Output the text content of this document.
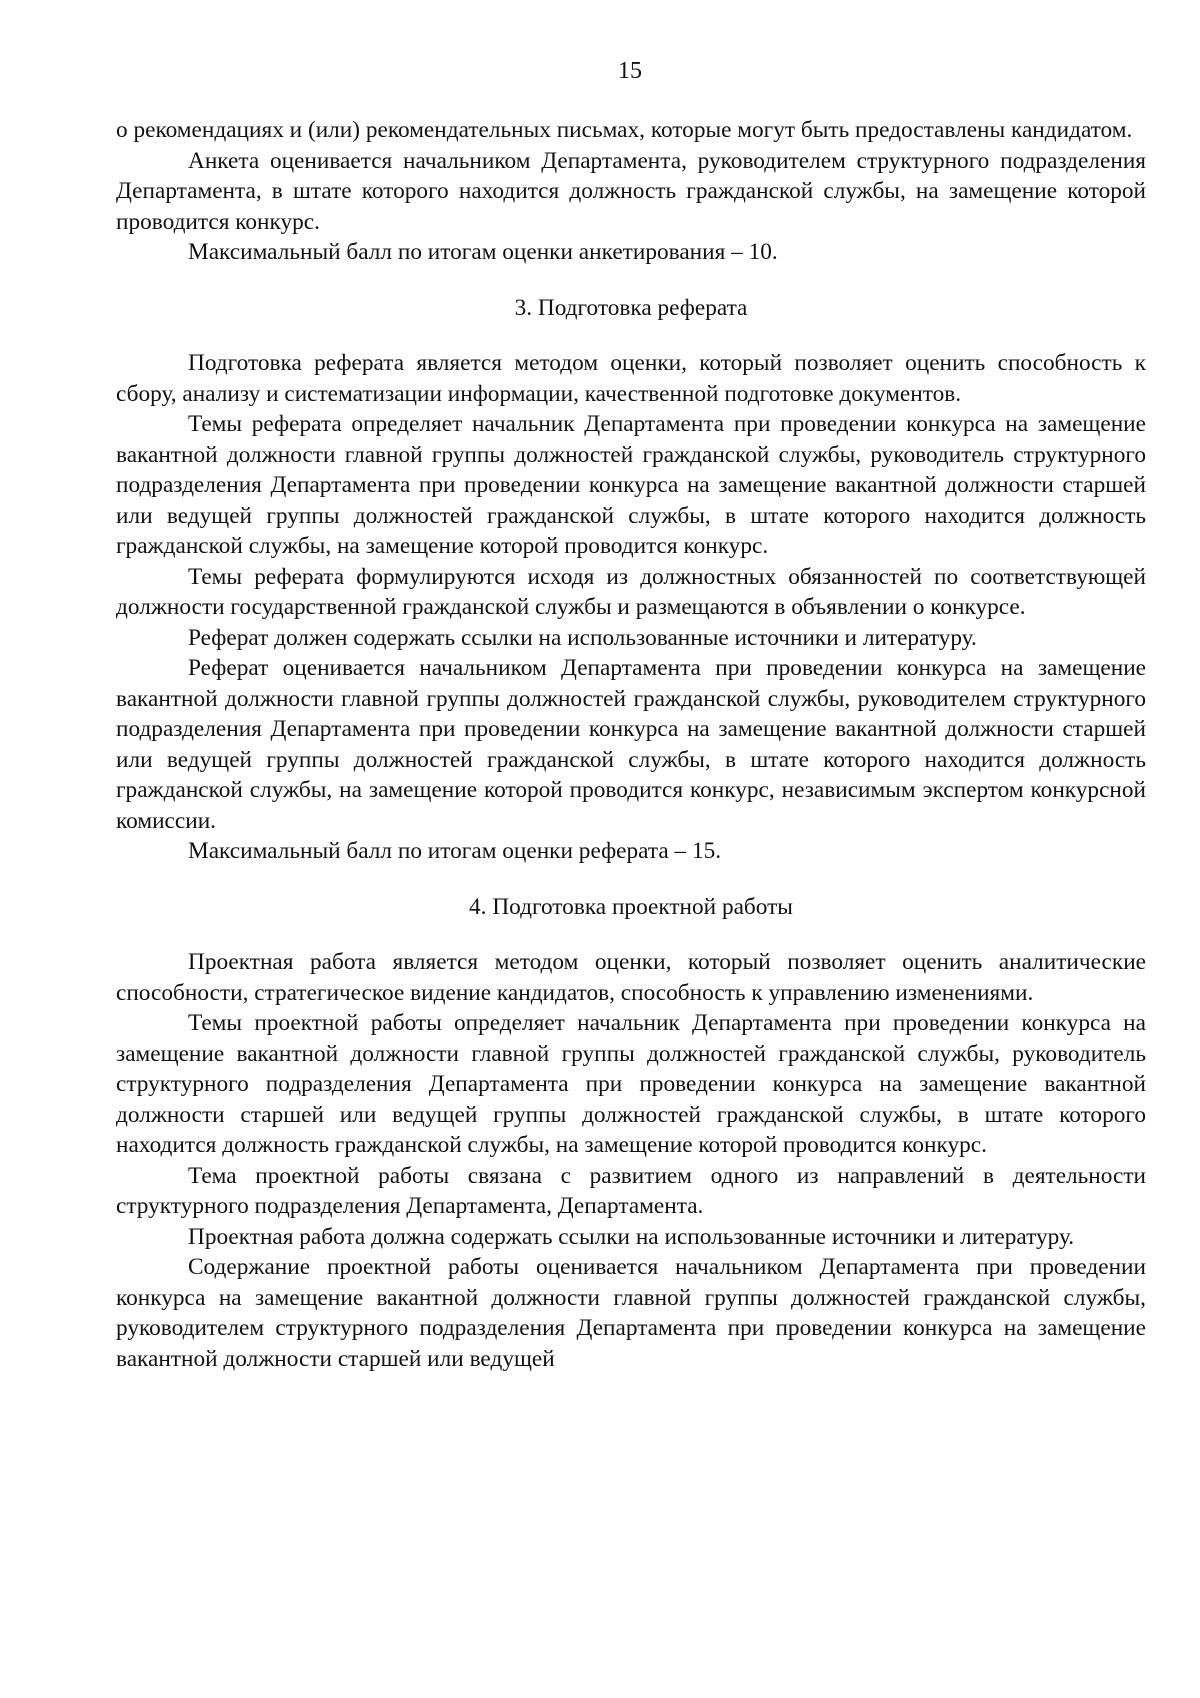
15

о рекомендациях и (или) рекомендательных письмах, которые могут быть предоставлены кандидатом.

Анкета оценивается начальником Департамента, руководителем структурного подразделения Департамента, в штате которого находится должность гражданской службы, на замещение которой проводится конкурс.

Максимальный балл по итогам оценки анкетирования – 10.

3. Подготовка реферата

Подготовка реферата является методом оценки, который позволяет оценить способность к сбору, анализу и систематизации информации, качественной подготовке документов.

Темы реферата определяет начальник Департамента при проведении конкурса на замещение вакантной должности главной группы должностей гражданской службы, руководитель структурного подразделения Департамента при проведении конкурса на замещение вакантной должности старшей или ведущей группы должностей гражданской службы, в штате которого находится должность гражданской службы, на замещение которой проводится конкурс.

Темы реферата формулируются исходя из должностных обязанностей по соответствующей должности государственной гражданской службы и размещаются в объявлении о конкурсе.

Реферат должен содержать ссылки на использованные источники и литературу.

Реферат оценивается начальником Департамента при проведении конкурса на замещение вакантной должности главной группы должностей гражданской службы, руководителем структурного подразделения Департамента при проведении конкурса на замещение вакантной должности старшей или ведущей группы должностей гражданской службы, в штате которого находится должность гражданской службы, на замещение которой проводится конкурс, независимым экспертом конкурсной комиссии.

Максимальный балл по итогам оценки реферата – 15.

4. Подготовка проектной работы

Проектная работа является методом оценки, который позволяет оценить аналитические способности, стратегическое видение кандидатов, способность к управлению изменениями.

Темы проектной работы определяет начальник Департамента при проведении конкурса на замещение вакантной должности главной группы должностей гражданской службы, руководитель структурного подразделения Департамента при проведении конкурса на замещение вакантной должности старшей или ведущей группы должностей гражданской службы, в штате которого находится должность гражданской службы, на замещение которой проводится конкурс.

Тема проектной работы связана с развитием одного из направлений в деятельности структурного подразделения Департамента, Департамента.

Проектная работа должна содержать ссылки на использованные источники и литературу.

Содержание проектной работы оценивается начальником Департамента при проведении конкурса на замещение вакантной должности главной группы должностей гражданской службы, руководителем структурного подразделения Департамента при проведении конкурса на замещение вакантной должности старшей или ведущей
